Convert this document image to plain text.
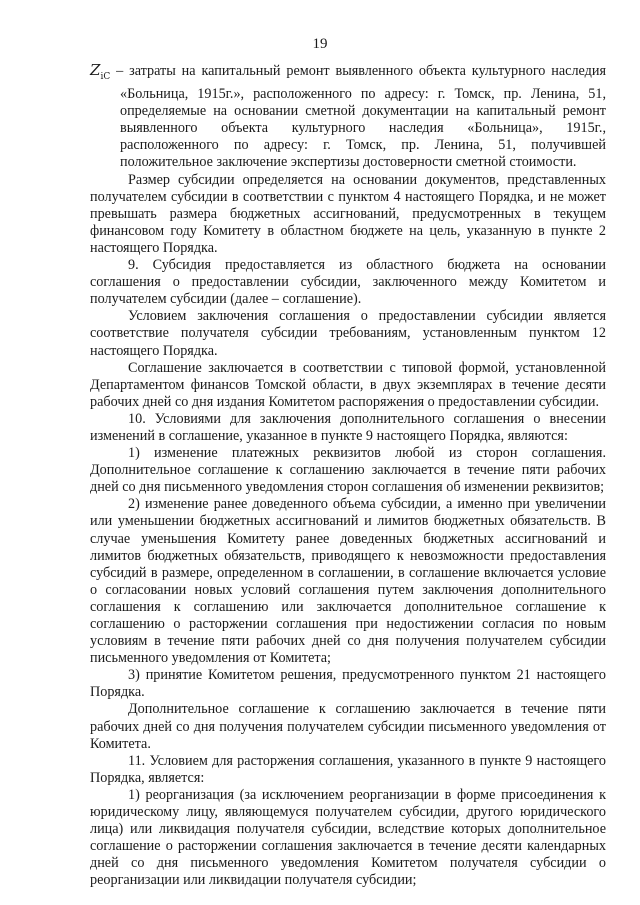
19

$Z_{iC}$ – затраты на капитальный ремонт выявленного объекта культурного наследия «Больница, 1915г.», расположенного по адресу: г. Томск, пр. Ленина, 51, определяемые на основании сметной документации на капитальный ремонт выявленного объекта культурного наследия «Больница», 1915г., расположенного по адресу: г. Томск, пр. Ленина, 51, получившей положительное заключение экспертизы достоверности сметной стоимости.

Размер субсидии определяется на основании документов, представленных получателем субсидии в соответствии с пунктом 4 настоящего Порядка, и не может превышать размера бюджетных ассигнований, предусмотренных в текущем финансовом году Комитету в областном бюджете на цель, указанную в пункте 2 настоящего Порядка.

9. Субсидия предоставляется из областного бюджета на основании соглашения о предоставлении субсидии, заключенного между Комитетом и получателем субсидии (далее – соглашение).

Условием заключения соглашения о предоставлении субсидии является соответствие получателя субсидии требованиям, установленным пунктом 12 настоящего Порядка.

Соглашение заключается в соответствии с типовой формой, установленной Департаментом финансов Томской области, в двух экземплярах в течение десяти рабочих дней со дня издания Комитетом распоряжения о предоставлении субсидии.

10. Условиями для заключения дополнительного соглашения о внесении изменений в соглашение, указанное в пункте 9 настоящего Порядка, являются:

1) изменение платежных реквизитов любой из сторон соглашения. Дополнительное соглашение к соглашению заключается в течение пяти рабочих дней со дня письменного уведомления сторон соглашения об изменении реквизитов;

2) изменение ранее доведенного объема субсидии, а именно при увеличении или уменьшении бюджетных ассигнований и лимитов бюджетных обязательств. В случае уменьшения Комитету ранее доведенных бюджетных ассигнований и лимитов бюджетных обязательств, приводящего к невозможности предоставления субсидий в размере, определенном в соглашении, в соглашение включается условие о согласовании новых условий соглашения путем заключения дополнительного соглашения к соглашению или заключается дополнительное соглашение к соглашению о расторжении соглашения при недостижении согласия по новым условиям в течение пяти рабочих дней со дня получения получателем субсидии письменного уведомления от Комитета;

3) принятие Комитетом решения, предусмотренного пунктом 21 настоящего Порядка.

Дополнительное соглашение к соглашению заключается в течение пяти рабочих дней со дня получения получателем субсидии письменного уведомления от Комитета.

11. Условием для расторжения соглашения, указанного в пункте 9 настоящего Порядка, является:

1) реорганизация (за исключением реорганизации в форме присоединения к юридическому лицу, являющемуся получателем субсидии, другого юридического лица) или ликвидация получателя субсидии, вследствие которых дополнительное соглашение о расторжении соглашения заключается в течение десяти календарных дней со дня письменного уведомления Комитетом получателя субсидии о реорганизации или ликвидации получателя субсидии;
